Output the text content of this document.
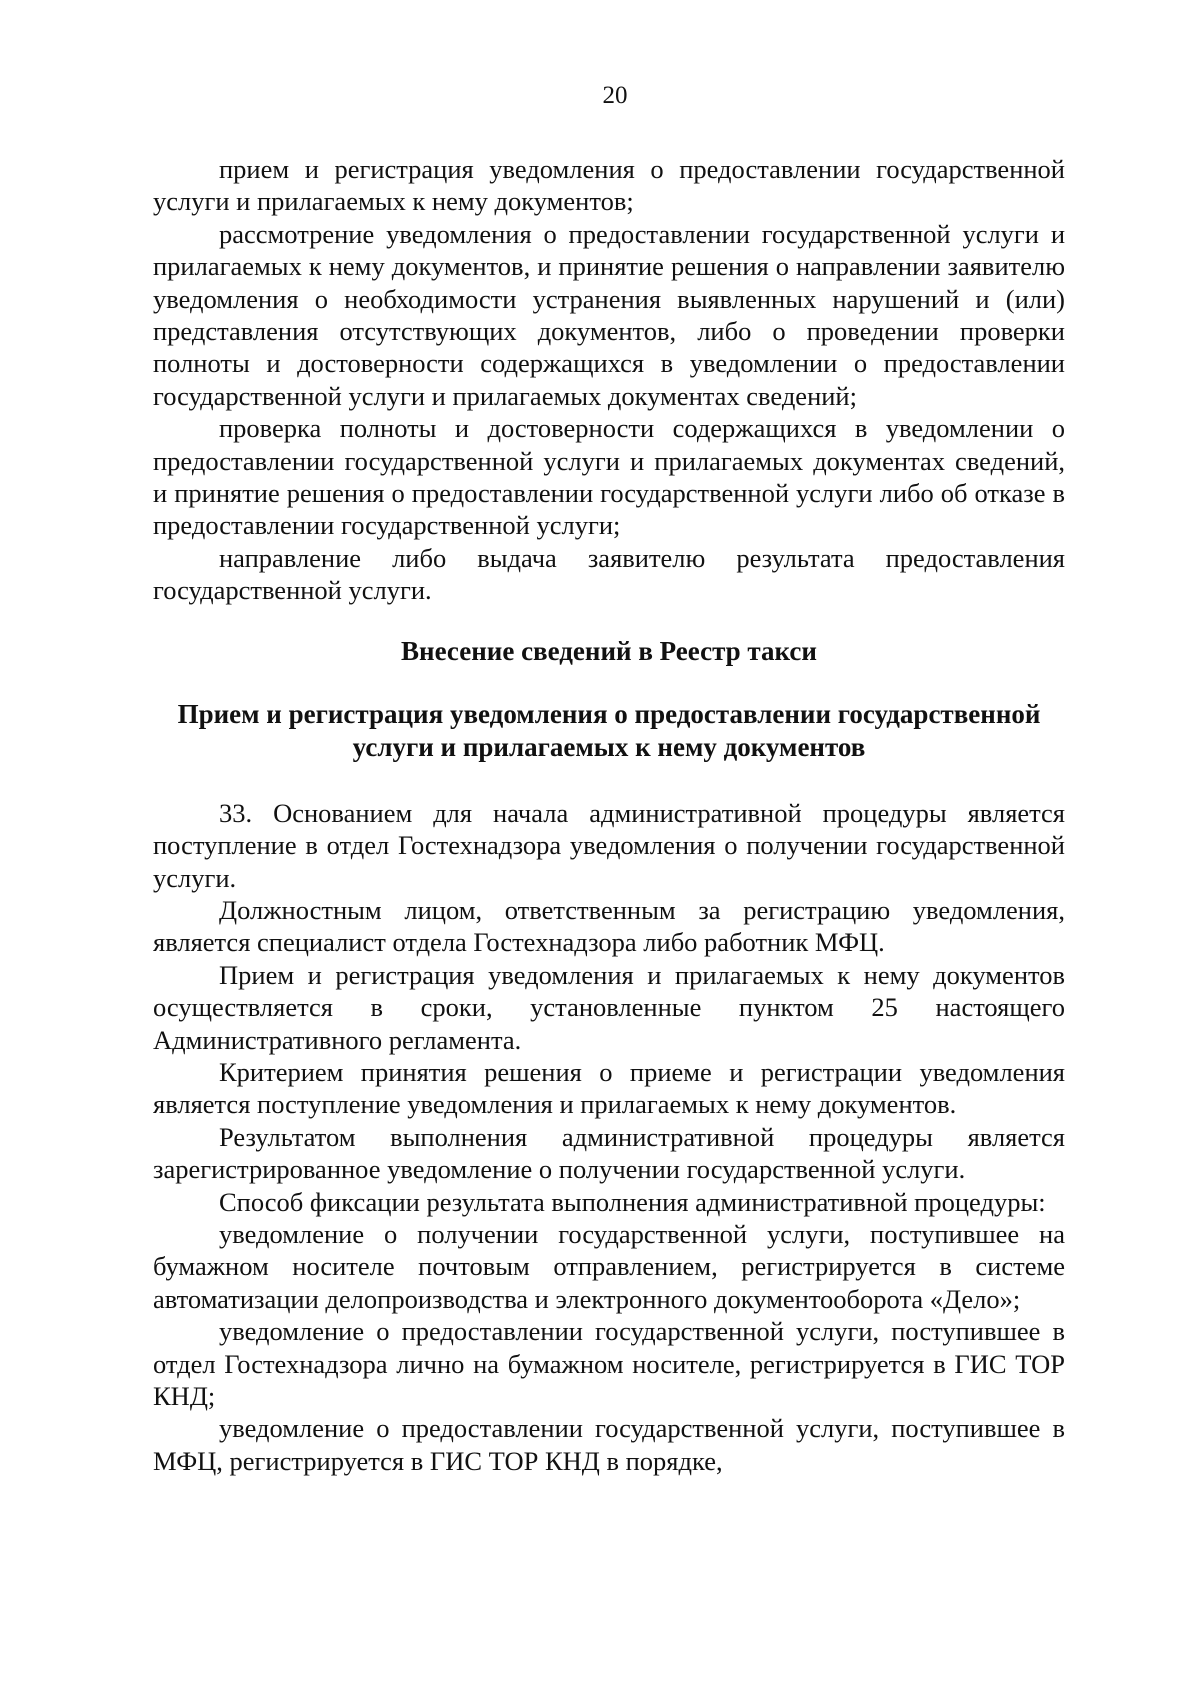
20

прием и регистрация уведомления о предоставлении государственной услуги и прилагаемых к нему документов;

рассмотрение уведомления о предоставлении государственной услуги и прилагаемых к нему документов, и принятие решения о направлении заявителю уведомления о необходимости устранения выявленных нарушений и (или) представления отсутствующих документов, либо о проведении проверки полноты и достоверности содержащихся в уведомлении о предоставлении государственной услуги и прилагаемых документах сведений;

проверка полноты и достоверности содержащихся в уведомлении о предоставлении государственной услуги и прилагаемых документах сведений, и принятие решения о предоставлении государственной услуги либо об отказе в предоставлении государственной услуги;

направление либо выдача заявителю результата предоставления государственной услуги.

Внесение сведений в Реестр такси
Прием и регистрация уведомления о предоставлении государственной услуги и прилагаемых к нему документов

33. Основанием для начала административной процедуры является поступление в отдел Гостехнадзора уведомления о получении государственной услуги.

Должностным лицом, ответственным за регистрацию уведомления, является специалист отдела Гостехнадзора либо работник МФЦ.

Прием и регистрация уведомления и прилагаемых к нему документов осуществляется в сроки, установленные пунктом 25 настоящего Административного регламента.

Критерием принятия решения о приеме и регистрации уведомления является поступление уведомления и прилагаемых к нему документов.

Результатом выполнения административной процедуры является зарегистрированное уведомление о получении государственной услуги.

Способ фиксации результата выполнения административной процедуры:

уведомление о получении государственной услуги, поступившее на бумажном носителе почтовым отправлением, регистрируется в системе автоматизации делопроизводства и электронного документооборота «Дело»;

уведомление о предоставлении государственной услуги, поступившее в отдел Гостехнадзора лично на бумажном носителе, регистрируется в ГИС ТОР КНД;

уведомление о предоставлении государственной услуги, поступившее в МФЦ, регистрируется в ГИС ТОР КНД в порядке,
